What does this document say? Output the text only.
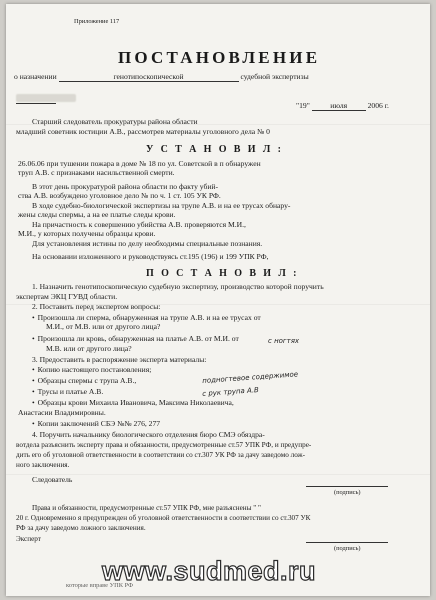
Приложение 117
ПОСТАНОВЛЕНИЕ
о назначении	генотипоскопической	судебной экспертизы

"19"	июля	2006 г.
Старший следователь прокуратуры района области
младший советник юстиции А.В., рассмотрев материалы уголовного дела № 0
У С Т А Н О В И Л :
26.06.06 при тушении пожара в доме № 18 по ул. Советской в п обнаружен
труп А.В. с признаками насильственной смерти.
В этот день прокуратурой района области по факту убий-
ства А.В. возбуждено уголовное дело № по ч. 1 ст. 105 УК РФ.
В ходе судебно-биологической экспертизы на трупе А.В. и на ее трусах обнару-
жены следы спермы, а на ее платье следы крови.
На причастность к совершению убийства А.В. проверяются М.И.,
М.И., у которых получены образцы крови.
Для установления истины по делу необходимы специальные познания.
На основании изложенного и руководствуясь ст.195 (196) и 199 УПК РФ,
П О С Т А Н О В И Л :
1. Назначить генотипоскопическую судебную экспертизу, производство которой поручить
экспертам ЭКЦ ГУВД области.
2. Поставить перед экспертом вопросы:
• Произошла ли сперма, обнаруженная на трупе А.В. и на ее трусах от
М.И., от М.В. или от другого лица?
• Произошла ли кровь, обнаруженная на платье А.В. от М.И. от
М.В. или от другого лица?
3. Предоставить в распоряжение эксперта материалы:
• Копию настоящего постановления;
• Образцы спермы с трупа А.В.,
• Трусы и платье А.В.
• Образцы крови Михаила Ивановича, Максима Николаевича,
Анастасии Владимировны.
• Копии заключений СБЭ №№ 276, 277
4. Поручить начальнику биологического отделения бюро СМЭ обяздра-
вотдела разъяснить эксперту права и обязанности, предусмотренные ст.57 УПК РФ, и предупре-
дить его об уголовной ответственности в соответствии со ст.307 УК РФ за дачу заведомо лож-
ного заключения.
с ногтях
подногтевое содержимое
с рук трупа А.В
Следователь
(подпись)
Права и обязанности, предусмотренные ст.57 УПК РФ, мне разъяснены " "
20 г. Одновременно я предупрежден об уголовной ответственности в соответствии со ст.307 УК
РФ за дачу заведомо ложного заключения.
Эксперт
(подпись)
которые вправе УПК РФ
www.sudmed.ru
